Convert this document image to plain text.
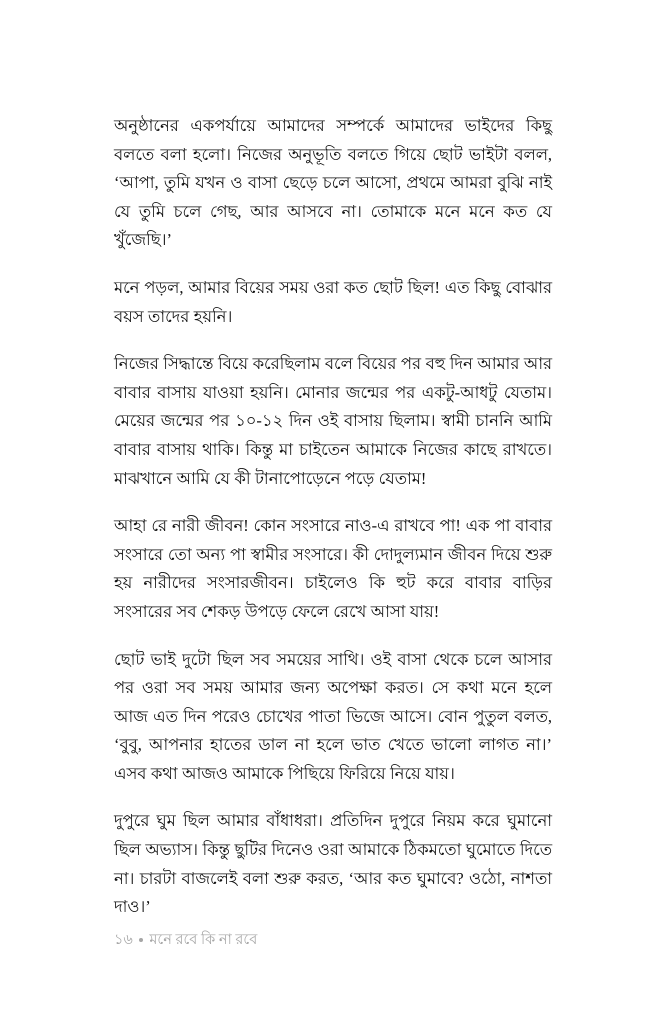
অনুষ্ঠানের একপর্যায়ে আমাদের সম্পর্কে আমাদের ভাইদের কিছু বলতে বলা হলো। নিজের অনুভূতি বলতে গিয়ে ছোট ভাইটা বলল, ‘আপা, তুমি যখন ও বাসা ছেড়ে চলে আসো, প্রথমে আমরা বুঝি নাই যে তুমি চলে গেছ, আর আসবে না। তোমাকে মনে মনে কত যে খুঁজেছি।’

মনে পড়ল, আমার বিয়ের সময় ওরা কত ছোট ছিল! এত কিছু বোঝার বয়স তাদের হয়নি।

নিজের সিদ্ধান্তে বিয়ে করেছিলাম বলে বিয়ের পর বহু দিন আমার আর বাবার বাসায় যাওয়া হয়নি। মোনার জন্মের পর একটু-আধটু যেতাম। মেয়ের জন্মের পর ১০-১২ দিন ওই বাসায় ছিলাম। স্বামী চাননি আমি বাবার বাসায় থাকি। কিন্তু মা চাইতেন আমাকে নিজের কাছে রাখতে। মাঝখানে আমি যে কী টানাপোড়েনে পড়ে যেতাম!

আহা রে নারী জীবন! কোন সংসারে নাও-এ রাখবে পা! এক পা বাবার সংসারে তো অন্য পা স্বামীর সংসারে। কী দোদুল্যমান জীবন দিয়ে শুরু হয় নারীদের সংসারজীবন। চাইলেও কি হুট করে বাবার বাড়ির সংসারের সব শেকড় উপড়ে ফেলে রেখে আসা যায়!

ছোট ভাই দুটো ছিল সব সময়ের সাথি। ওই বাসা থেকে চলে আসার পর ওরা সব সময় আমার জন্য অপেক্ষা করত। সে কথা মনে হলে আজ এত দিন পরেও চোখের পাতা ভিজে আসে। বোন পুতুল বলত, ‘বুবু, আপনার হাতের ডাল না হলে ভাত খেতে ভালো লাগত না।’ এসব কথা আজও আমাকে পিছিয়ে ফিরিয়ে নিয়ে যায়।

দুপুরে ঘুম ছিল আমার বাঁধাধরা। প্রতিদিন দুপুরে নিয়ম করে ঘুমানো ছিল অভ্যাস। কিন্তু ছুটির দিনেও ওরা আমাকে ঠিকমতো ঘুমোতে দিতে না। চারটা বাজলেই বলা শুরু করত, ‘আর কত ঘুমাবে? ওঠো, নাশতা দাও।’

১৬ মনে রবে কি না রবে
